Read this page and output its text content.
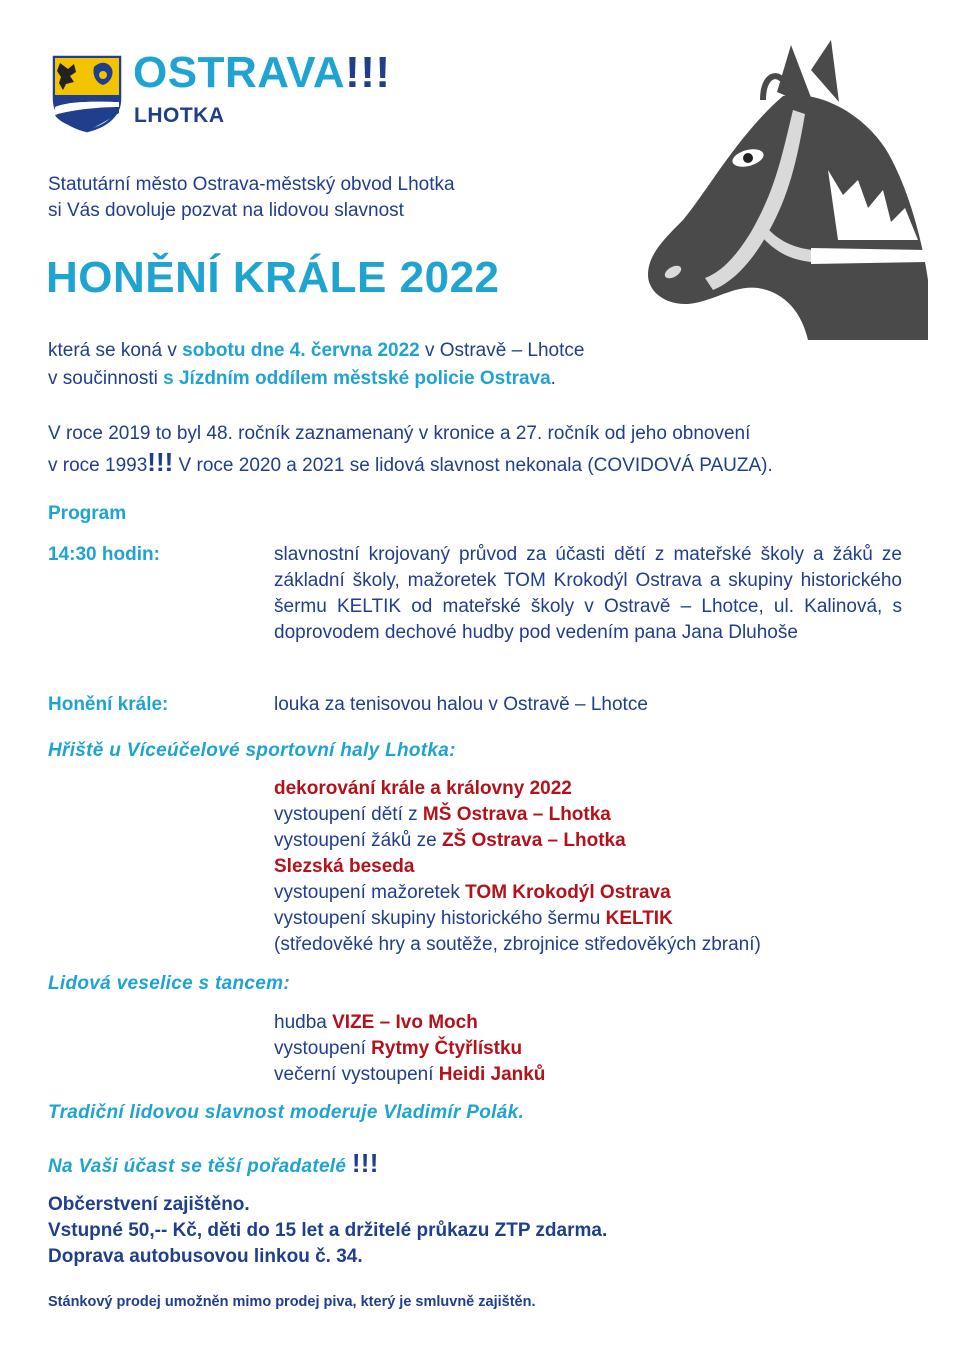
OSTRAVA!!!
LHOTKA
Statutární město Ostrava-městský obvod Lhotka
si Vás dovoluje pozvat na lidovou slavnost
HONĚNÍ KRÁLE 2022
která se koná v sobotu dne 4. června 2022 v Ostravě – Lhotce
v součinnosti s Jízdním oddílem městské policie Ostrava.
V roce 2019 to byl 48. ročník zaznamenaný v kronice a 27. ročník od jeho obnovení
v roce 1993!!! V roce 2020 a 2021 se lidová slavnost nekonala (COVIDOVÁ PAUZA).
Program
14:30 hodin:	slavnostní krojovaný průvod za účasti dětí z mateřské školy a žáků ze základní školy, mažoretek TOM Krokodýl Ostrava a skupiny historického šermu KELTIK od mateřské školy v Ostravě – Lhotce, ul. Kalinová, s doprovodem dechové hudby pod vedením pana Jana Dluhoše
Honění krále:	louka za tenisovou halou v Ostravě – Lhotce
Hřiště u Víceúčelové sportovní haly Lhotka:
dekorování krále a královny 2022
vystoupení dětí z MŠ Ostrava – Lhotka
vystoupení žáků ze ZŠ Ostrava – Lhotka
Slezská beseda
vystoupení mažoretek TOM Krokodýl Ostrava
vystoupení skupiny historického šermu KELTIK
(středověké hry a soutěže, zbrojnice středověkých zbraní)
Lidová veselice s tancem:
hudba VIZE – Ivo Moch
vystoupení Rytmy Čtyřlístku
večerní vystoupení Heidi Janků
Tradiční lidovou slavnost moderuje Vladimír Polák.
Na Vaši účast se těší pořadatelé !!!
Občerstvení zajištěno.
Vstupné 50,-- Kč, děti do 15 let a držitelé průkazu ZTP zdarma.
Doprava autobusovou linkou č. 34.
Stánkový prodej umožněn mimo prodej piva, který je smluvně zajištěn.
